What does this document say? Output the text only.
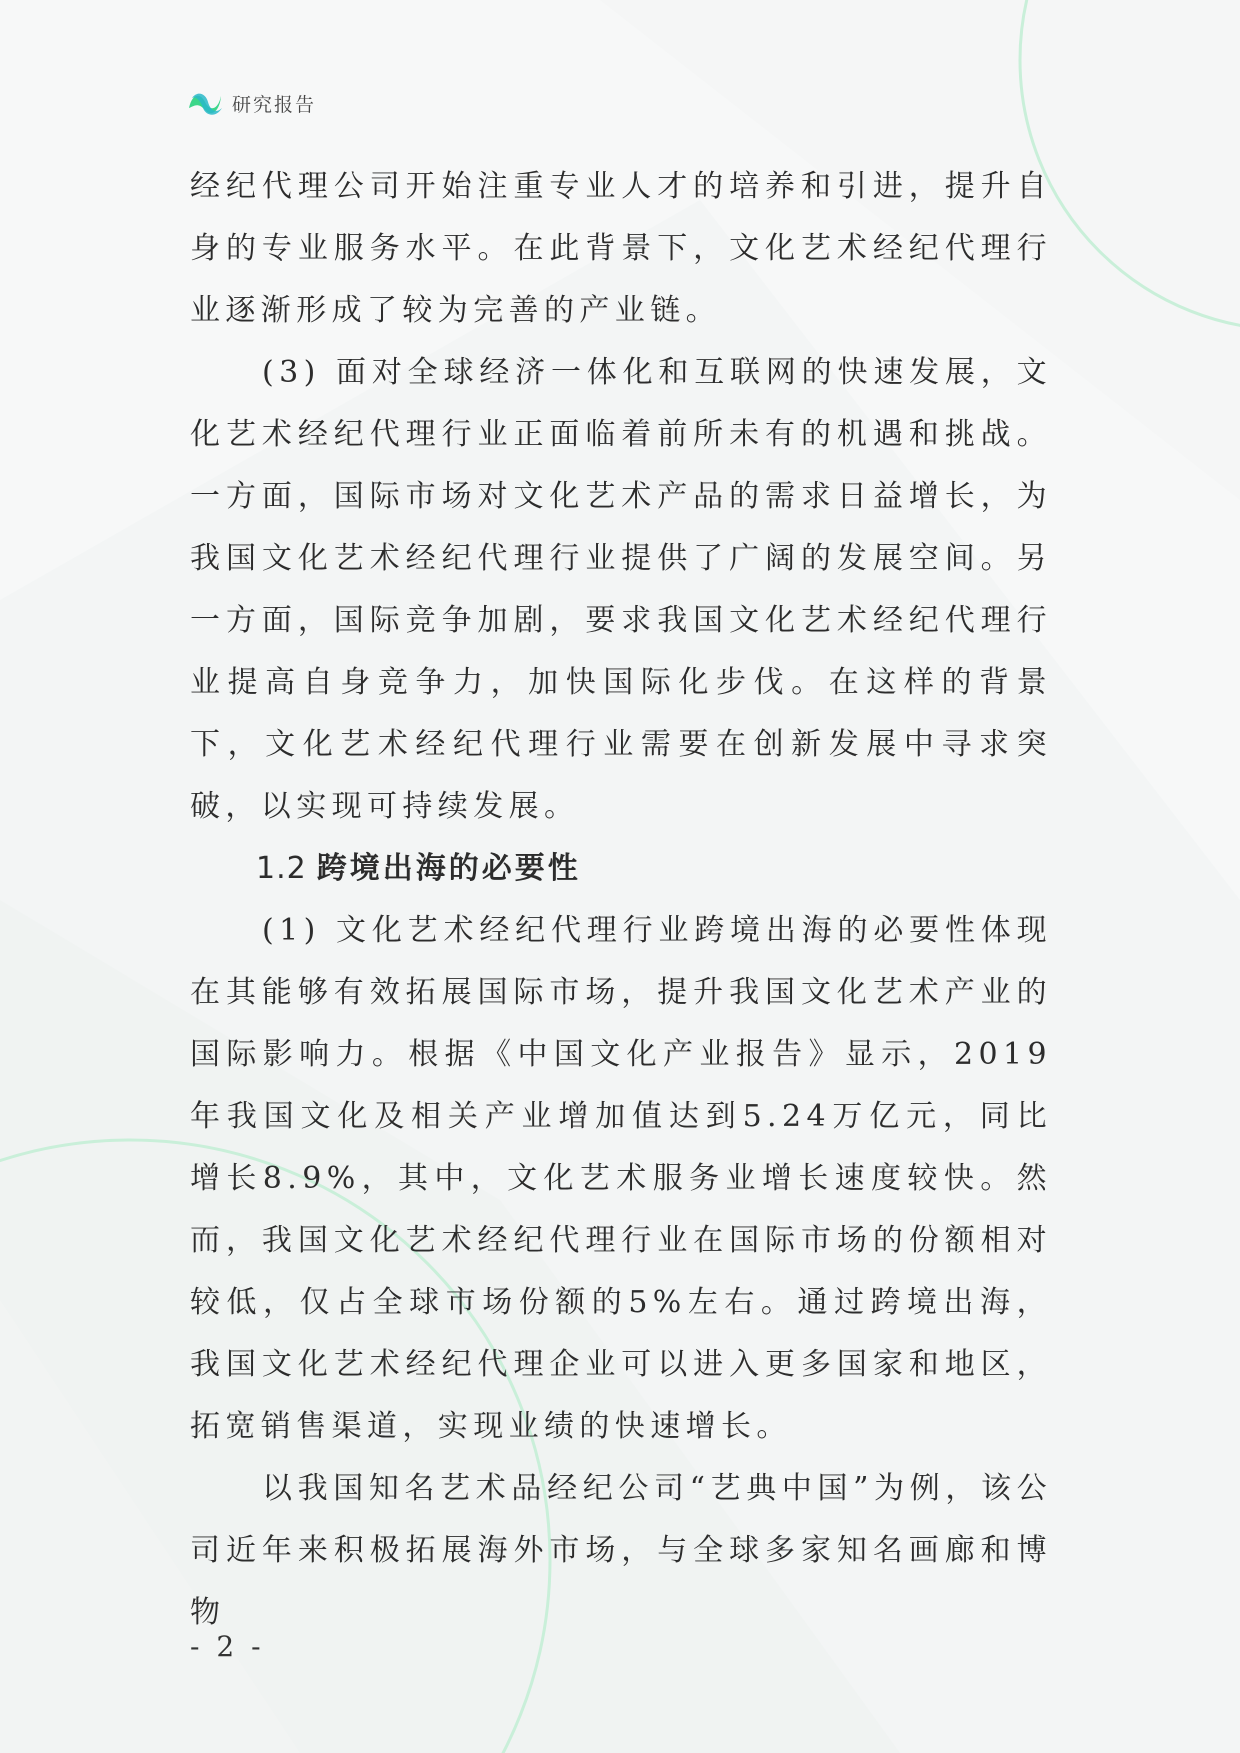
研究报告

经纪代理公司开始注重专业人才的培养和引进，提升自身的专业服务水平。在此背景下，文化艺术经纪代理行业逐渐形成了较为完善的产业链。

(3) 面对全球经济一体化和互联网的快速发展，文化艺术经纪代理行业正面临着前所未有的机遇和挑战。一方面，国际市场对文化艺术产品的需求日益增长，为我国文化艺术经纪代理行业提供了广阔的发展空间。另一方面，国际竞争加剧，要求我国文化艺术经纪代理行业提高自身竞争力，加快国际化步伐。在这样的背景下，文化艺术经纪代理行业需要在创新发展中寻求突破，以实现可持续发展。

1.2 跨境出海的必要性

(1) 文化艺术经纪代理行业跨境出海的必要性体现在其能够有效拓展国际市场，提升我国文化艺术产业的国际影响力。根据《中国文化产业报告》显示，2019年我国文化及相关产业增加值达到5.24万亿元，同比增长8.9%，其中，文化艺术服务业增长速度较快。然而，我国文化艺术经纪代理行业在国际市场的份额相对较低，仅占全球市场份额的5%左右。通过跨境出海，我国文化艺术经纪代理企业可以进入更多国家和地区，拓宽销售渠道，实现业绩的快速增长。

以我国知名艺术品经纪公司“艺典中国”为例，该公司近年来积极拓展海外市场，与全球多家知名画廊和博物

- 2 -
